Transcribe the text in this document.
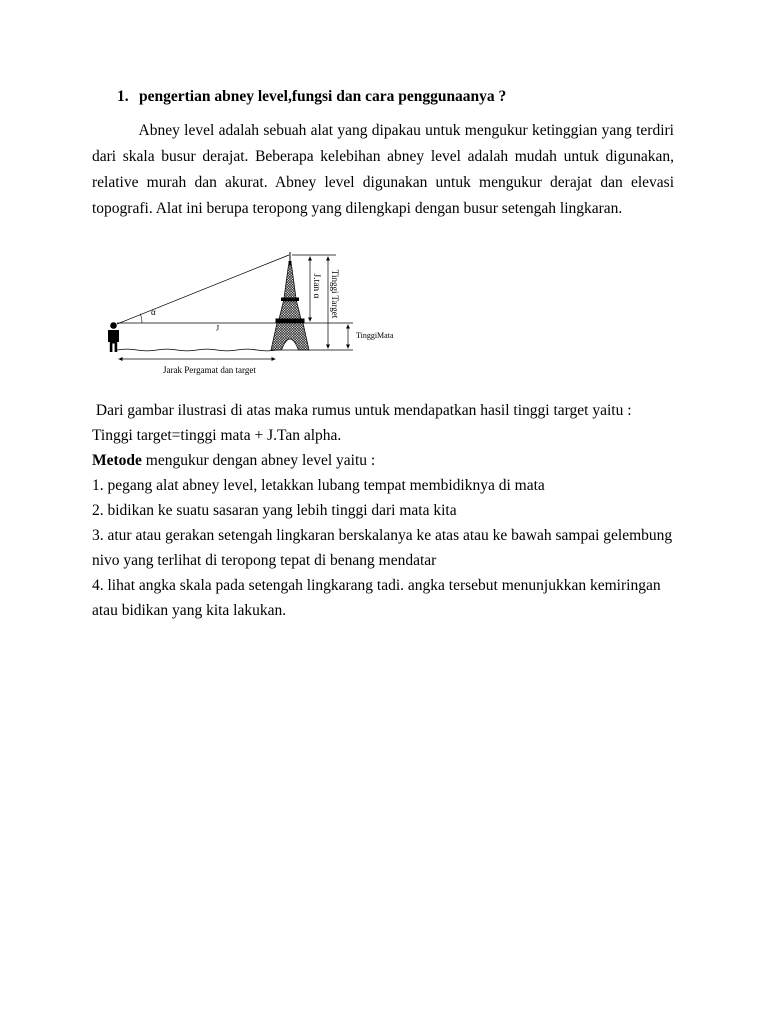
1. pengertian abney level,fungsi dan cara penggunaanya ?
Abney level adalah sebuah alat yang dipakau untuk mengukur ketinggian yang terdiri
dari skala busur derajat. Beberapa kelebihan abney level adalah mudah untuk digunakan,
relative murah dan akurat. Abney level digunakan untuk mengukur derajat dan elevasi
topografi. Alat ini berupa teropong yang dilengkapi dengan busur setengah lingkaran.
α
J
J.tan α Tinggi Target
TinggiMata
Jarak Pergamat dan target
Dari gambar ilustrasi di atas maka rumus untuk mendapatkan hasil tinggi target yaitu :
Tinggi target=tinggi mata + J.Tan alpha.
Metode mengukur dengan abney level yaitu :
1. pegang alat abney level, letakkan lubang tempat membidiknya di mata
2. bidikan ke suatu sasaran yang lebih tinggi dari mata kita
3. atur atau gerakan setengah lingkaran berskalanya ke atas atau ke bawah sampai gelembung
nivo yang terlihat di teropong tepat di benang mendatar
4. lihat angka skala pada setengah lingkarang tadi. angka tersebut menunjukkan kemiringan
atau bidikan yang kita lakukan.
